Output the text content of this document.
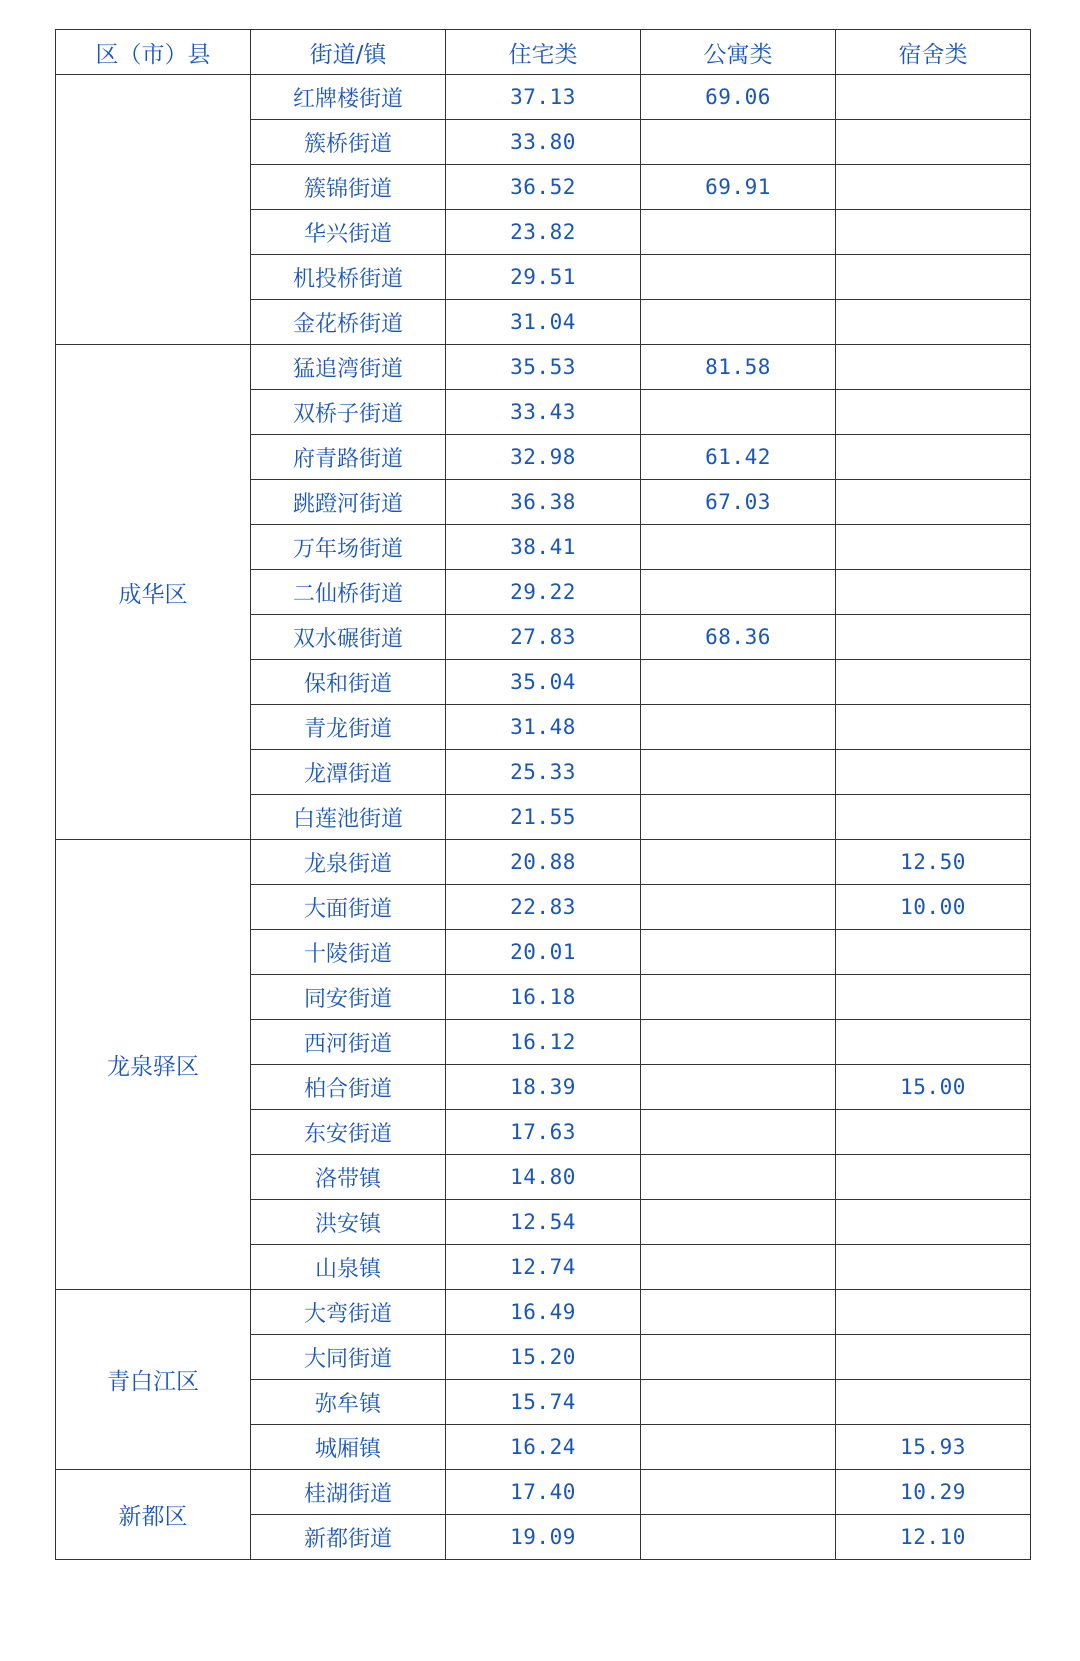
区（市）县	街道/镇	住宅类	公寓类	宿舍类
	红牌楼街道	37.13	69.06	
	簇桥街道	33.80		
	簇锦街道	36.52	69.91	
	华兴街道	23.82		
	机投桥街道	29.51		
	金花桥街道	31.04		
成华区	猛追湾街道	35.53	81.58	
	双桥子街道	33.43		
	府青路街道	32.98	61.42	
	跳蹬河街道	36.38	67.03	
	万年场街道	38.41		
	二仙桥街道	29.22		
	双水碾街道	27.83	68.36	
	保和街道	35.04		
	青龙街道	31.48		
	龙潭街道	25.33		
	白莲池街道	21.55		
龙泉驿区	龙泉街道	20.88		12.50
	大面街道	22.83		10.00
	十陵街道	20.01		
	同安街道	16.18		
	西河街道	16.12		
	柏合街道	18.39		15.00
	东安街道	17.63		
	洛带镇	14.80		
	洪安镇	12.54		
	山泉镇	12.74		
青白江区	大弯街道	16.49		
	大同街道	15.20		
	弥牟镇	15.74		
	城厢镇	16.24		15.93
新都区	桂湖街道	17.40		10.29
	新都街道	19.09		12.10
